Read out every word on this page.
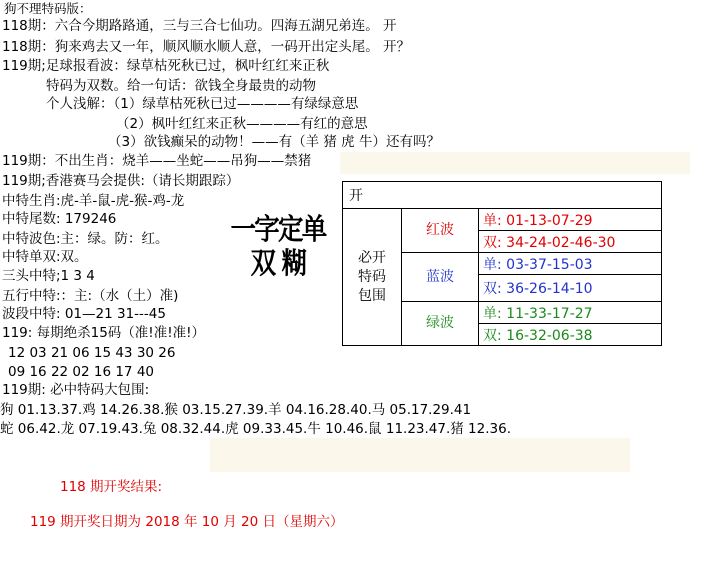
狗不理特码版：
118期：六合今期路路通，三与三合七仙功。四海五湖兄弟连。 开
118期：狗来鸡去又一年，顺风顺水顺人意，一码开出定头尾。 开？
119期;足球报看波：绿草枯死秋已过，枫叶红红来正秋
特码为双数。给一句话：欲钱全身最贵的动物
个人浅解：（1）绿草枯死秋已过————有绿绿意思
（2）枫叶红红来正秋————有红的意思
（3）欲钱癫呆的动物！——有（羊 猪 虎 牛）还有吗？
119期：不出生肖：烧羊——坐蛇——吊狗——禁猪
119期;香港赛马会提供:（请长期跟踪）
中特生肖:虎-羊-鼠-虎-猴-鸡-龙
中特尾数: 179246
中特波色:主：绿。防：红。
中特单双:双。
三头中特;1 3 4
五行中特:：主:（水（土）准)
波段中特: 01—21 31---45
119: 每期绝杀15码（准!准!准!）
12 03 21 06 15 43 30 26
09 16 22 02 16 17 40
119期: 必中特码大包围:
狗 01.13.37.鸡 14.26.38.猴 03.15.27.39.羊 04.16.28.40.马 05.17.29.41
蛇 06.42.龙 07.19.43.兔 08.32.44.虎 09.33.45.牛 10.46.鼠 11.23.47.猪 12.36.
一字定单双 糊
开		
必开特码包围	红波	单: 01-13-07-29
		双: 34-24-02-46-30
	蓝波	单: 03-37-15-03
		双: 36-26-14-10
	绿波	单: 11-33-17-27
		双: 16-32-06-38
118 期开奖结果:
119 期开奖日期为 2018 年 10 月 20 日（星期六）
